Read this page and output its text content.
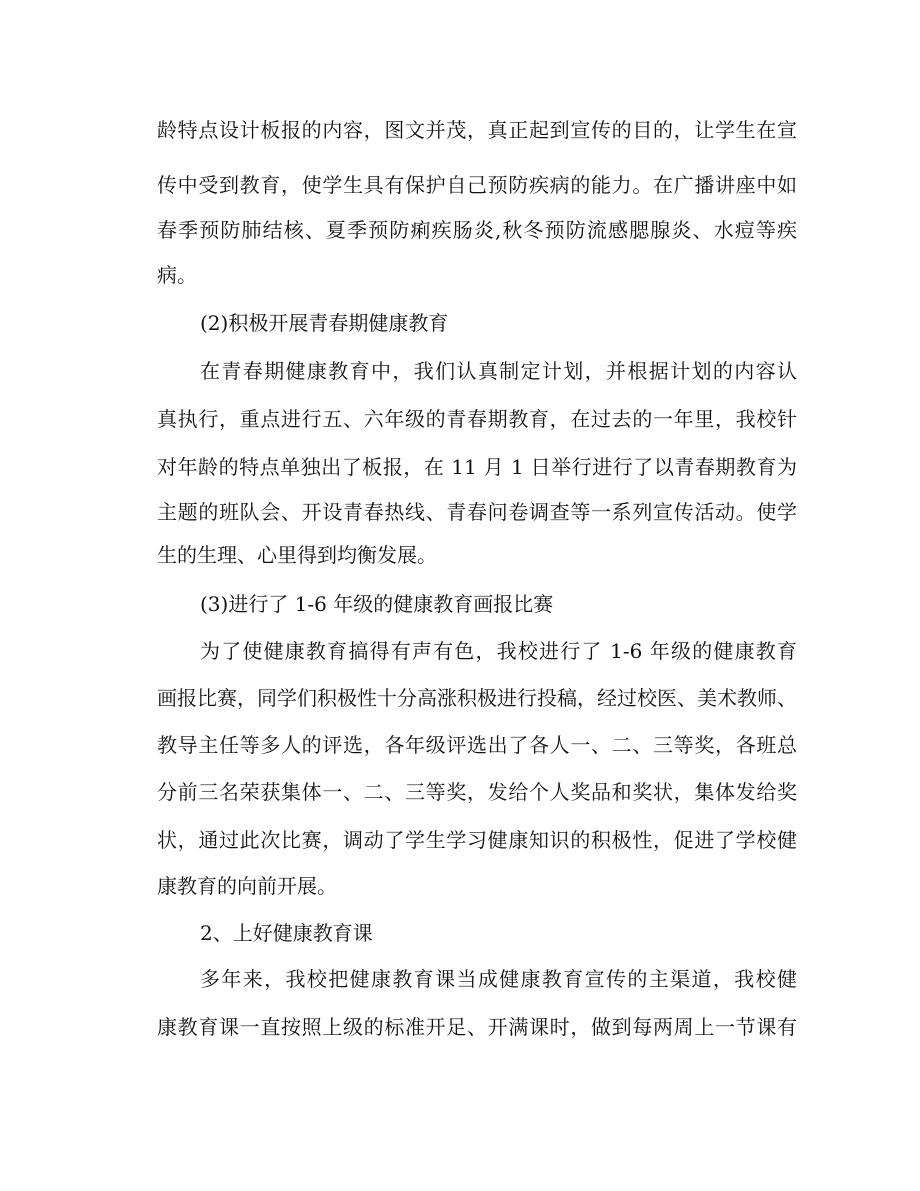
龄特点设计板报的内容，图文并茂，真正起到宣传的目的，让学生在宣
传中受到教育，使学生具有保护自己预防疾病的能力。在广播讲座中如
春季预防肺结核、夏季预防痢疾肠炎,秋冬预防流感腮腺炎、水痘等疾
病。
(2)积极开展青春期健康教育
在青春期健康教育中，我们认真制定计划，并根据计划的内容认
真执行，重点进行五、六年级的青春期教育，在过去的一年里，我校针
对年龄的特点单独出了板报，在 11 月 1 日举行进行了以青春期教育为
主题的班队会、开设青春热线、青春问卷调查等一系列宣传活动。使学
生的生理、心里得到均衡发展。
(3)进行了 1-6 年级的健康教育画报比赛
为了使健康教育搞得有声有色，我校进行了 1-6 年级的健康教育
画报比赛，同学们积极性十分高涨积极进行投稿，经过校医、美术教师、
教导主任等多人的评选，各年级评选出了各人一、二、三等奖，各班总
分前三名荣获集体一、二、三等奖，发给个人奖品和奖状，集体发给奖
状，通过此次比赛，调动了学生学习健康知识的积极性，促进了学校健
康教育的向前开展。
2、上好健康教育课
多年来，我校把健康教育课当成健康教育宣传的主渠道，我校健
康教育课一直按照上级的标准开足、开满课时，做到每两周上一节课有
